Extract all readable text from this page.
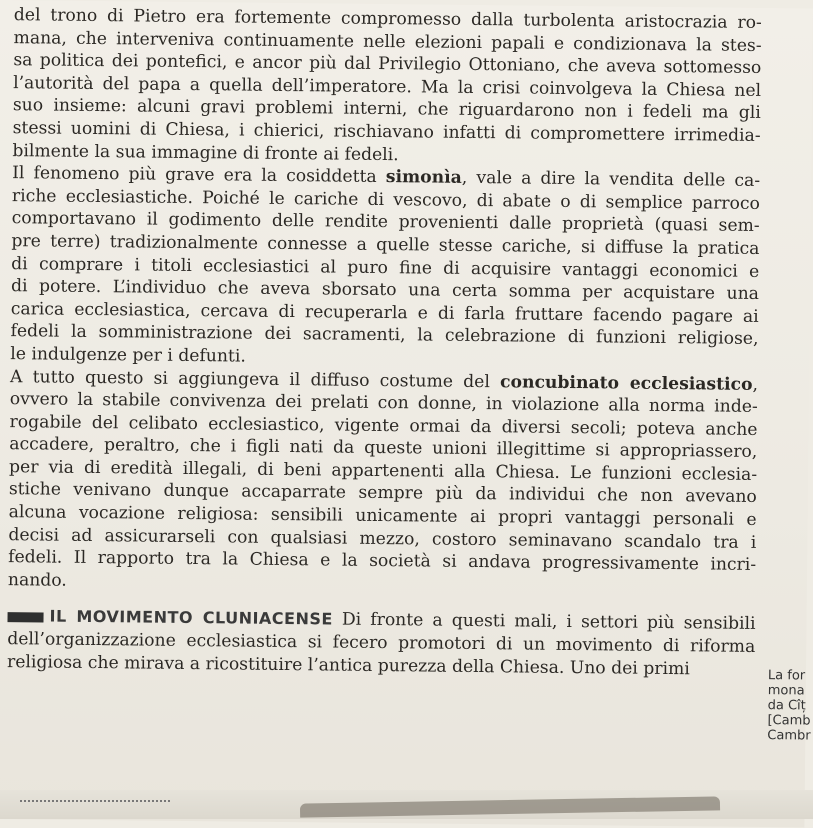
del trono di Pietro era fortemente compromesso dalla turbolenta aristocrazia ro-
mana, che interveniva continuamente nelle elezioni papali e condizionava la stes-
sa politica dei pontefici, e ancor più dal Privilegio Ottoniano, che aveva sottomesso
l’autorità del papa a quella dell’imperatore. Ma la crisi coinvolgeva la Chiesa nel
suo insieme: alcuni gravi problemi interni, che riguardarono non i fedeli ma gli
stessi uomini di Chiesa, i chierici, rischiavano infatti di compromettere irrimedia-
bilmente la sua immagine di fronte ai fedeli.
Il fenomeno più grave era la cosiddetta simonìa, vale a dire la vendita delle ca-
riche ecclesiastiche. Poiché le cariche di vescovo, di abate o di semplice parroco
comportavano il godimento delle rendite provenienti dalle proprietà (quasi sem-
pre terre) tradizionalmente connesse a quelle stesse cariche, si diffuse la pratica
di comprare i titoli ecclesiastici al puro fine di acquisire vantaggi economici e
di potere. L’individuo che aveva sborsato una certa somma per acquistare una
carica ecclesiastica, cercava di recuperarla e di farla fruttare facendo pagare ai
fedeli la somministrazione dei sacramenti, la celebrazione di funzioni religiose,
le indulgenze per i defunti.
A tutto questo si aggiungeva il diffuso costume del concubinato ecclesiastico,
ovvero la stabile convivenza dei prelati con donne, in violazione alla norma inde-
rogabile del celibato ecclesiastico, vigente ormai da diversi secoli; poteva anche
accadere, peraltro, che i figli nati da queste unioni illegittime si appropriassero,
per via di eredità illegali, di beni appartenenti alla Chiesa. Le funzioni ecclesia-
stiche venivano dunque accaparrate sempre più da individui che non avevano
alcuna vocazione religiosa: sensibili unicamente ai propri vantaggi personali e
decisi ad assicurarseli con qualsiasi mezzo, costoro seminavano scandalo tra i
fedeli. Il rapporto tra la Chiesa e la società si andava progressivamente incri-
nando.
IL MOVIMENTO CLUNIACENSE Di fronte a questi mali, i settori più sensibili
dell’organizzazione ecclesiastica si fecero promotori di un movimento di riforma
religiosa che mirava a ricostituire l’antica purezza della Chiesa. Uno dei primi	La for
mona
da Cîț
[Camb
Cambr
